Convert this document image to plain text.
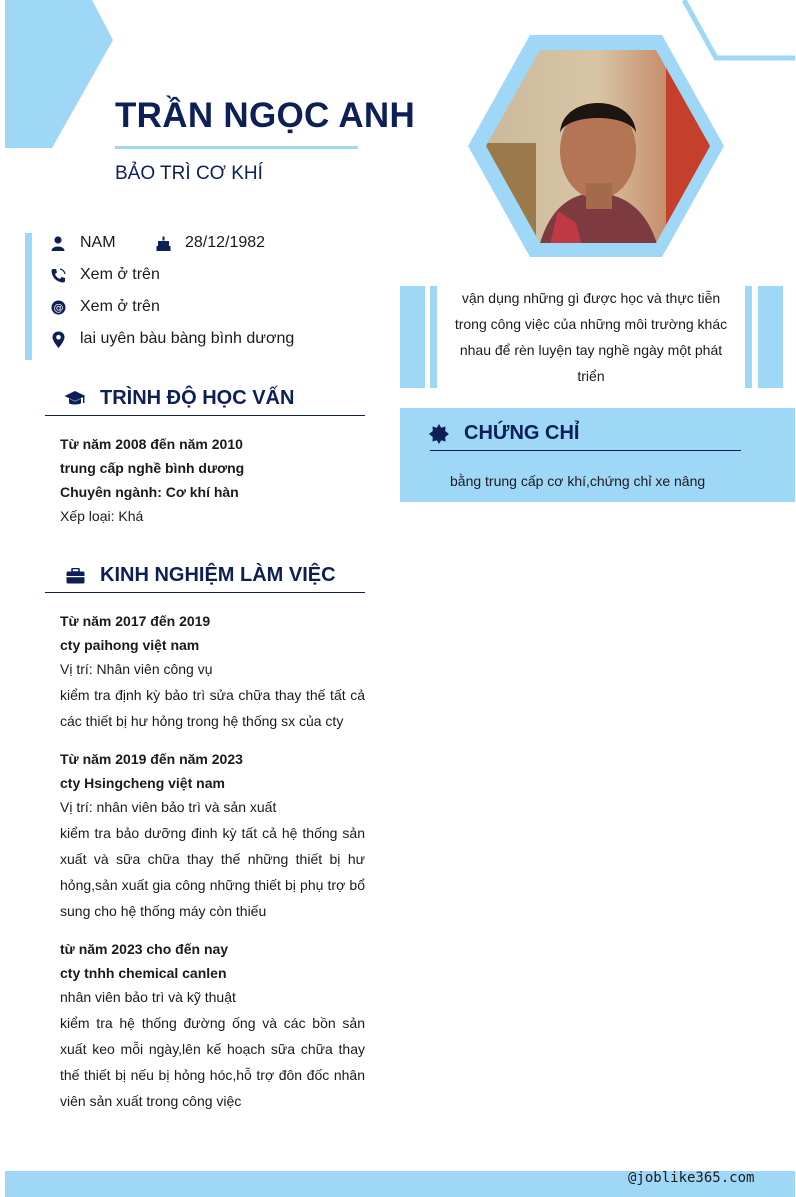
TRẦN NGỌC ANH
BẢO TRÌ CƠ KHÍ
NAM	28/12/1982
Xem ở trên
@ Xem ở trên
lai uyên bàu bàng bình dương
TRÌNH ĐỘ HỌC VẤN
Từ năm 2008 đến năm 2010
trung cấp nghề bình dương
Chuyên ngành: Cơ khí hàn
Xếp loại: Khá
KINH NGHIỆM LÀM VIỆC
Từ năm 2017 đến 2019
cty paihong việt nam
Vị trí: Nhân viên công vụ
kiểm tra định kỳ bảo trì sửa chữa thay thế tất cả các thiết bị hư hỏng trong hệ thống sx của cty
Từ năm 2019 đến năm 2023
cty Hsingcheng việt nam
Vị trí: nhân viên bảo trì và sản xuất
kiểm tra bảo dưỡng đinh kỳ tất cả hệ thống sản xuất và sữa chữa thay thế những thiết bị hư hỏng,sản xuất gia công những thiết bị phụ trợ bổ sung cho hệ thống máy còn thiếu
từ năm 2023 cho đến nay
cty tnhh chemical canlen
nhân viên bảo trì và kỹ thuật
kiểm tra hệ thống đường ống và các bồn sản xuất keo mỗi ngày,lên kế hoạch sữa chữa thay thế thiết bị nếu bị hỏng hóc,hỗ trợ đôn đốc nhân viên sản xuất trong công việc
vận dụng những gì được học và thực tiễn trong công việc của những môi trường khác nhau để rèn luyện tay nghề ngày một phát triển
CHỨNG CHỈ
bằng trung cấp cơ khí,chứng chỉ xe nâng
@joblike365.com
